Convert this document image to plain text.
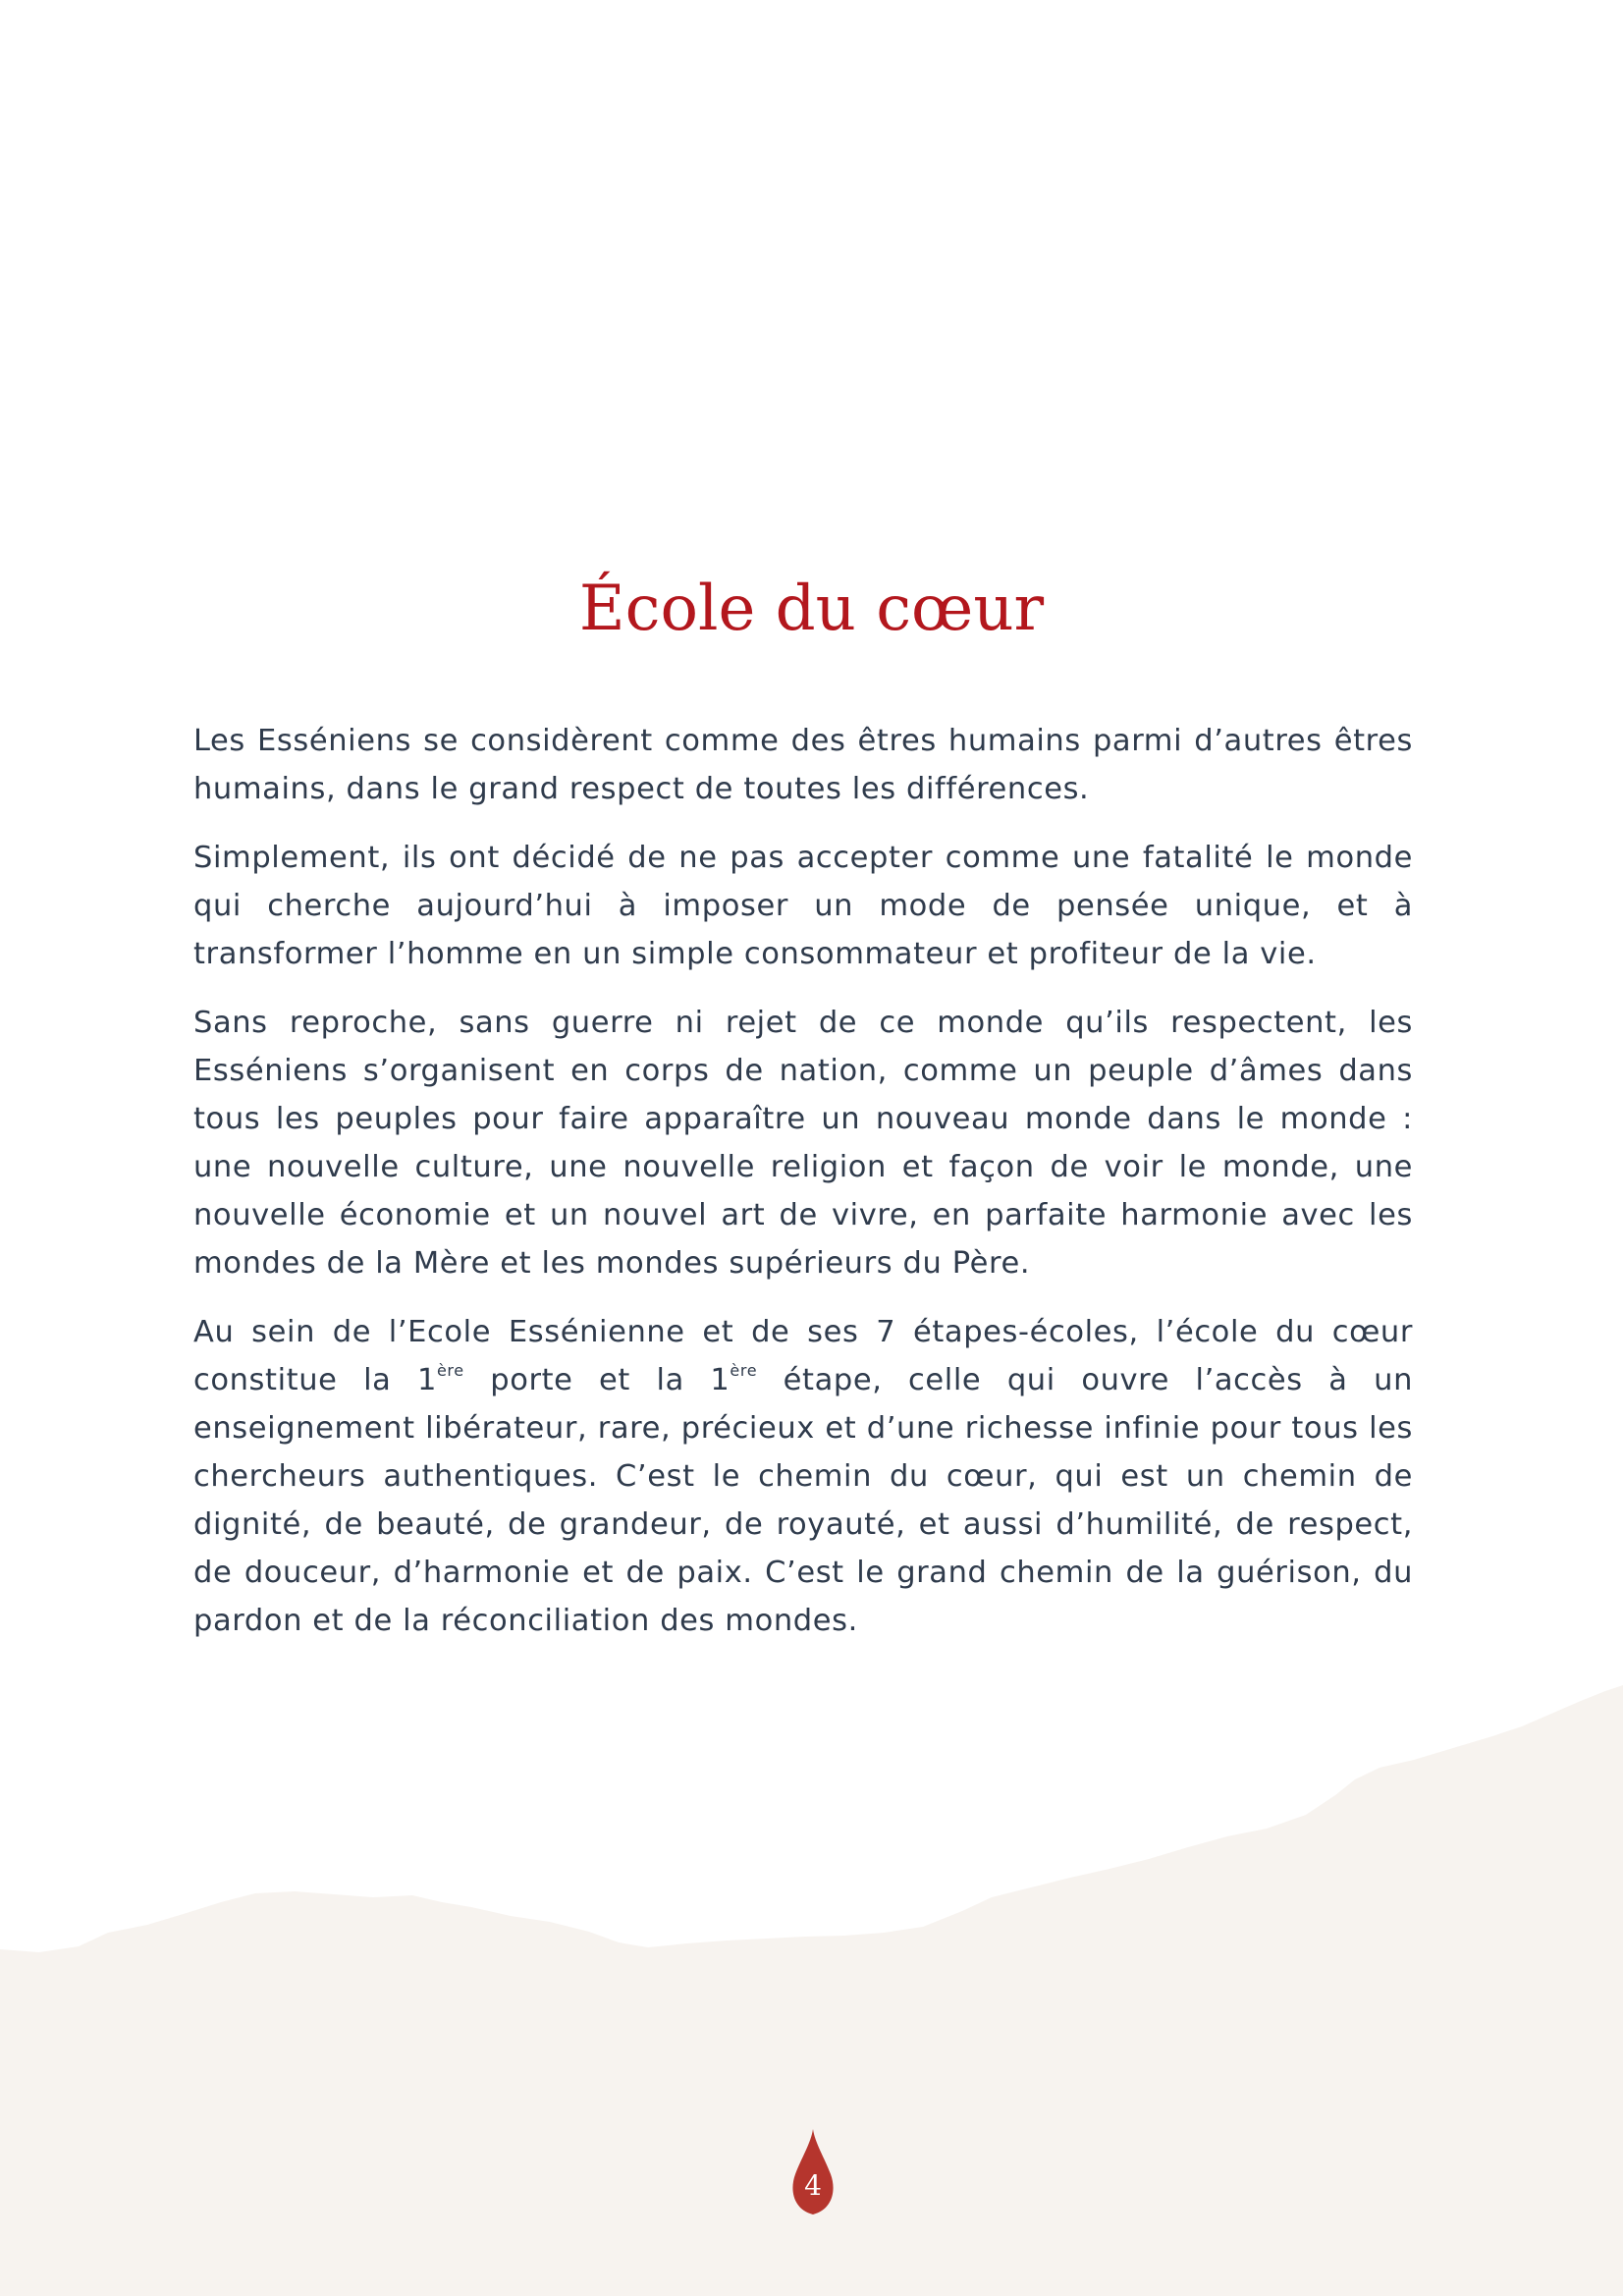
École du cœur

Les Esséniens se considèrent comme des êtres humains parmi d’autres êtres humains, dans le grand respect de toutes les différences.

Simplement, ils ont décidé de ne pas accepter comme une fatalité le monde qui cherche aujourd’hui à imposer un mode de pensée unique, et à transformer l’homme en un simple consommateur et profiteur de la vie.

Sans reproche, sans guerre ni rejet de ce monde qu’ils respectent, les Esséniens s’organisent en corps de nation, comme un peuple d’âmes dans tous les peuples pour faire apparaître un nouveau monde dans le monde : une nouvelle culture, une nouvelle religion et façon de voir le monde, une nouvelle économie et un nouvel art de vivre, en parfaite harmonie avec les mondes de la Mère et les mondes supérieurs du Père.

Au sein de l’Ecole Essénienne et de ses 7 étapes-écoles, l’école du cœur constitue la 1ère porte et la 1ère étape, celle qui ouvre l’accès à un enseignement libérateur, rare, précieux et d’une richesse infinie pour tous les chercheurs authentiques. C’est le chemin du cœur, qui est un chemin de dignité, de beauté, de grandeur, de royauté, et aussi d’humilité, de respect, de douceur, d’harmonie et de paix. C’est le grand chemin de la guérison, du pardon et de la réconciliation des mondes.

4
